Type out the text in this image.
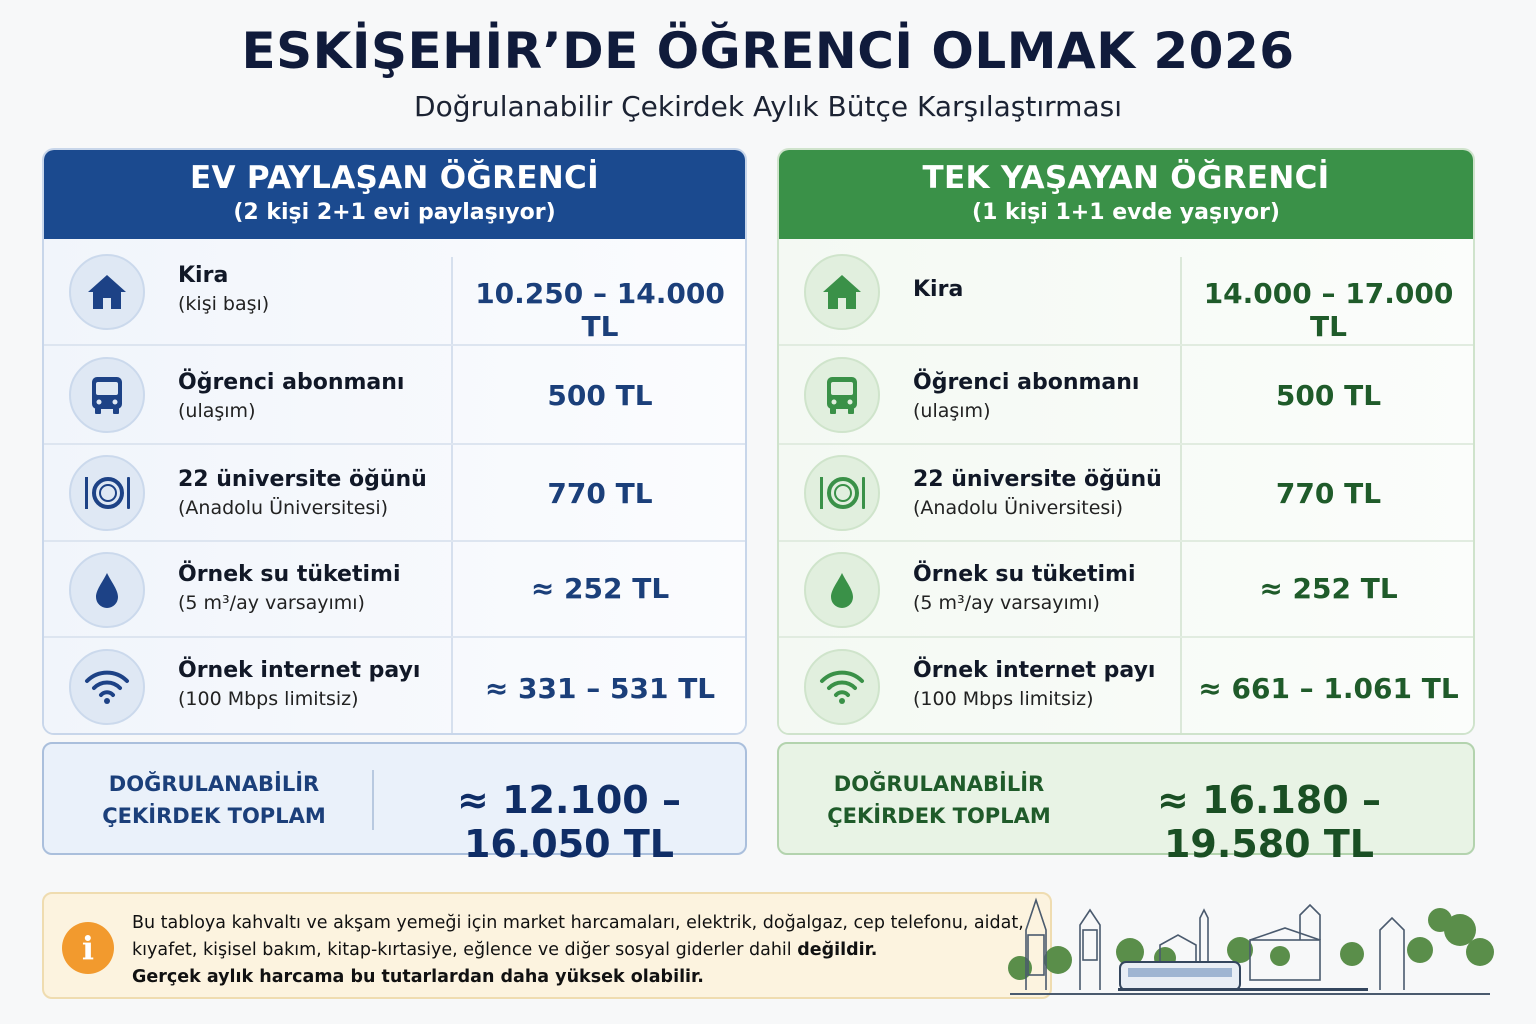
ESKİŞEHİR’DE ÖĞRENCİ OLMAK 2026
Doğrulanabilir Çekirdek Aylık Bütçe Karşılaştırması
EV PAYLAŞAN ÖĞRENCİ
(2 kişi 2+1 evi paylaşıyor)
Kira
(kişi başı)	10.250 – 14.000 TL
Öğrenci abonmanı
(ulaşım)	500 TL
22 üniversite öğünü
(Anadolu Üniversitesi)	770 TL
Örnek su tüketimi
(5 m³/ay varsayımı)	≈ 252 TL
Örnek internet payı
(100 Mbps limitsiz)	≈ 331 – 531 TL
TEK YAŞAYAN ÖĞRENCİ
(1 kişi 1+1 evde yaşıyor)
Kira	14.000 – 17.000 TL
Öğrenci abonmanı
(ulaşım)	500 TL
22 üniversite öğünü
(Anadolu Üniversitesi)	770 TL
Örnek su tüketimi
(5 m³/ay varsayımı)	≈ 252 TL
Örnek internet payı
(100 Mbps limitsiz)	≈ 661 – 1.061 TL
DOĞRULANABİLİR
ÇEKİRDEK TOPLAM	≈ 12.100 – 16.050 TL
DOĞRULANABİLİR
ÇEKİRDEK TOPLAM	≈ 16.180 – 19.580 TL
i
Bu tabloya kahvaltı ve akşam yemeği için market harcamaları, elektrik, doğalgaz, cep telefonu, aidat,
kıyafet, kişisel bakım, kitap-kırtasiye, eğlence ve diğer sosyal giderler dahil değildir.
Gerçek aylık harcama bu tutarlardan daha yüksek olabilir.
